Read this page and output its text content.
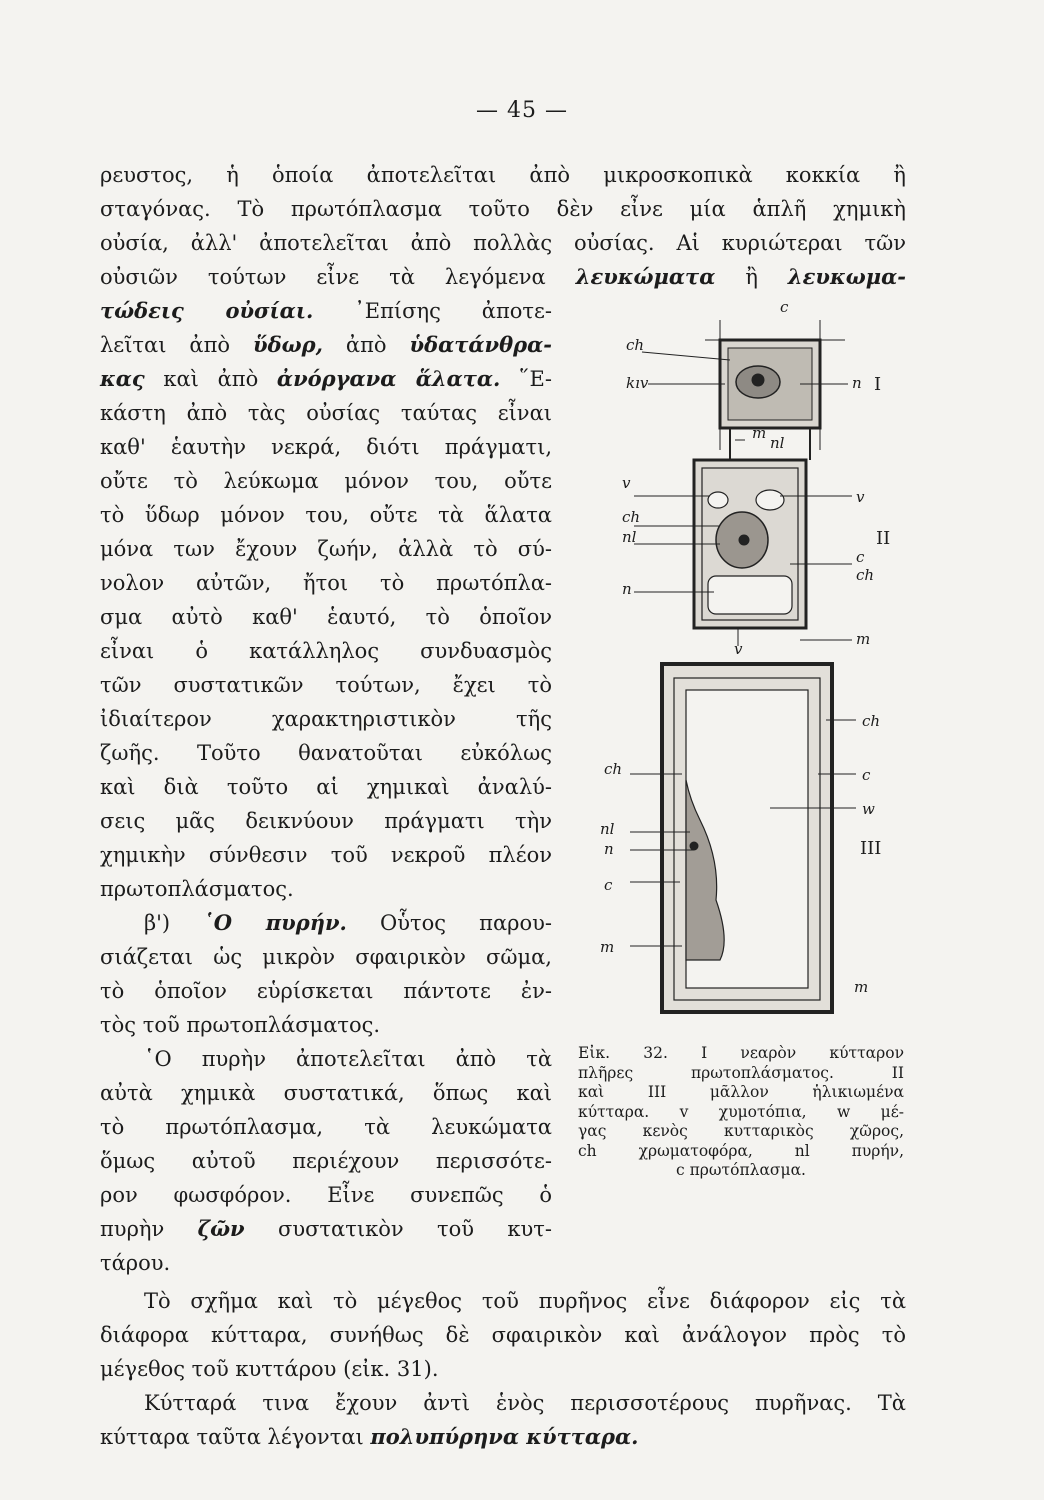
— 45 —
ρευστος, ἡ ὁποία ἀποτελεῖται ἀπὸ μικροσκοπικὰ κοκκία ἢ
σταγόνας. Τὸ πρωτόπλασμα τοῦτο δὲν εἶνε μία ἁπλῆ χημικὴ
οὐσία, ἀλλ' ἀποτελεῖται ἀπὸ πολλὰς οὐσίας. Αἱ κυριώτεραι τῶν
οὐσιῶν τούτων εἶνε τὰ λεγόμενα λευκώματα ἢ λευκωμα-
τώδεις οὐσίαι. ᾿Επίσης ἀποτε-
λεῖται ἀπὸ ὕδωρ, ἀπὸ ὑδατάνθρα-
κας καὶ ἀπὸ ἀνόργανα ἅλατα. ῞Ε-
κάστη ἀπὸ τὰς οὐσίας ταύτας εἶναι
καθ' ἑαυτὴν νεκρά, διότι πράγματι,
οὔτε τὸ λεύκωμα μόνον του, οὔτε
τὸ ὕδωρ μόνον του, οὔτε τὰ ἅλατα
μόνα των ἔχουν ζωήν, ἀλλὰ τὸ σύ-
νολον αὐτῶν, ἤτοι τὸ πρωτόπλα-
σμα αὐτὸ καθ' ἑαυτό, τὸ ὁποῖον
εἶναι ὁ κατάλληλος συνδυασμὸς
τῶν συστατικῶν τούτων, ἔχει τὸ
ἰδιαίτερον χαρακτηριστικὸν τῆς
ζωῆς. Τοῦτο θανατοῦται εὐκόλως
καὶ διὰ τοῦτο αἱ χημικαὶ ἀναλύ-
σεις μᾶς δεικνύουν πράγματι τὴν
χημικὴν σύνθεσιν τοῦ νεκροῦ πλέον
πρωτοπλάσματος.
β') ῾Ο πυρήν. Οὗτος παρου-
σιάζεται ὡς μικρὸν σφαιρικὸν σῶμα,
τὸ ὁποῖον εὑρίσκεται πάντοτε ἐν-
τὸς τοῦ πρωτοπλάσματος.
῾Ο πυρὴν ἀποτελεῖται ἀπὸ τὰ
αὐτὰ χημικὰ συστατικά, ὅπως καὶ
τὸ πρωτόπλασμα, τὰ λευκώματα
ὅμως αὐτοῦ περιέχουν περισσότε-
ρον φωσφόρον. Εἶνε συνεπῶς ὁ
πυρὴν ζῶν συστατικὸν τοῦ κυτ-
τάρου.
Τὸ σχῆμα καὶ τὸ μέγεθος τοῦ πυρῆνος εἶνε διάφορον εἰς τὰ
διάφορα κύτταρα, συνήθως δὲ σφαιρικὸν καὶ ἀνάλογον πρὸς τὸ
μέγεθος τοῦ κυττάρου (εἰκ. 31).
Κύτταρά τινα ἔχουν ἀντὶ ἑνὸς περισσοτέρους πυρῆνας. Τὰ
κύτταρα ταῦτα λέγονται πολυπύρηνα κύτταρα.
c
ch
kıv	n I
m
nl
v
ch
nl
n
v
II
c
ch
m
v
ch
ch	c
w
nl
n	III
c
m
m
Εἰκ. 32. Ι νεαρὸν κύτταρον
πλῆρες πρωτοπλάσματος. ΙΙ
καὶ ΙΙΙ μᾶλλον ἡλικιωμένα
κύτταρα. v χυμοτόπια, w μέ-
γας κενὸς κυτταρικὸς χῶρος,
ch χρωματοφόρα, nl πυρήν,
c πρωτόπλασμα.
